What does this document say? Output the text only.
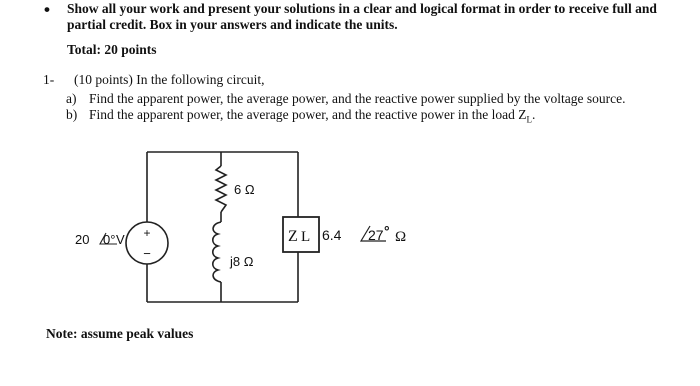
• Show all your work and present your solutions in a clear and logical format in order to receive full and
partial credit. Box in your answers and indicate the units.
Total: 20 points
1- (10 points) In the following circuit,
a) Find the apparent power, the average power, and the reactive power supplied by the voltage source.
b) Find the apparent power, the average power, and the reactive power in the load $Z_L$.
+
−
20 0° V
6 Ω
j8 Ω
Z L 6.4 27 ° Ω
Note: assume peak values
